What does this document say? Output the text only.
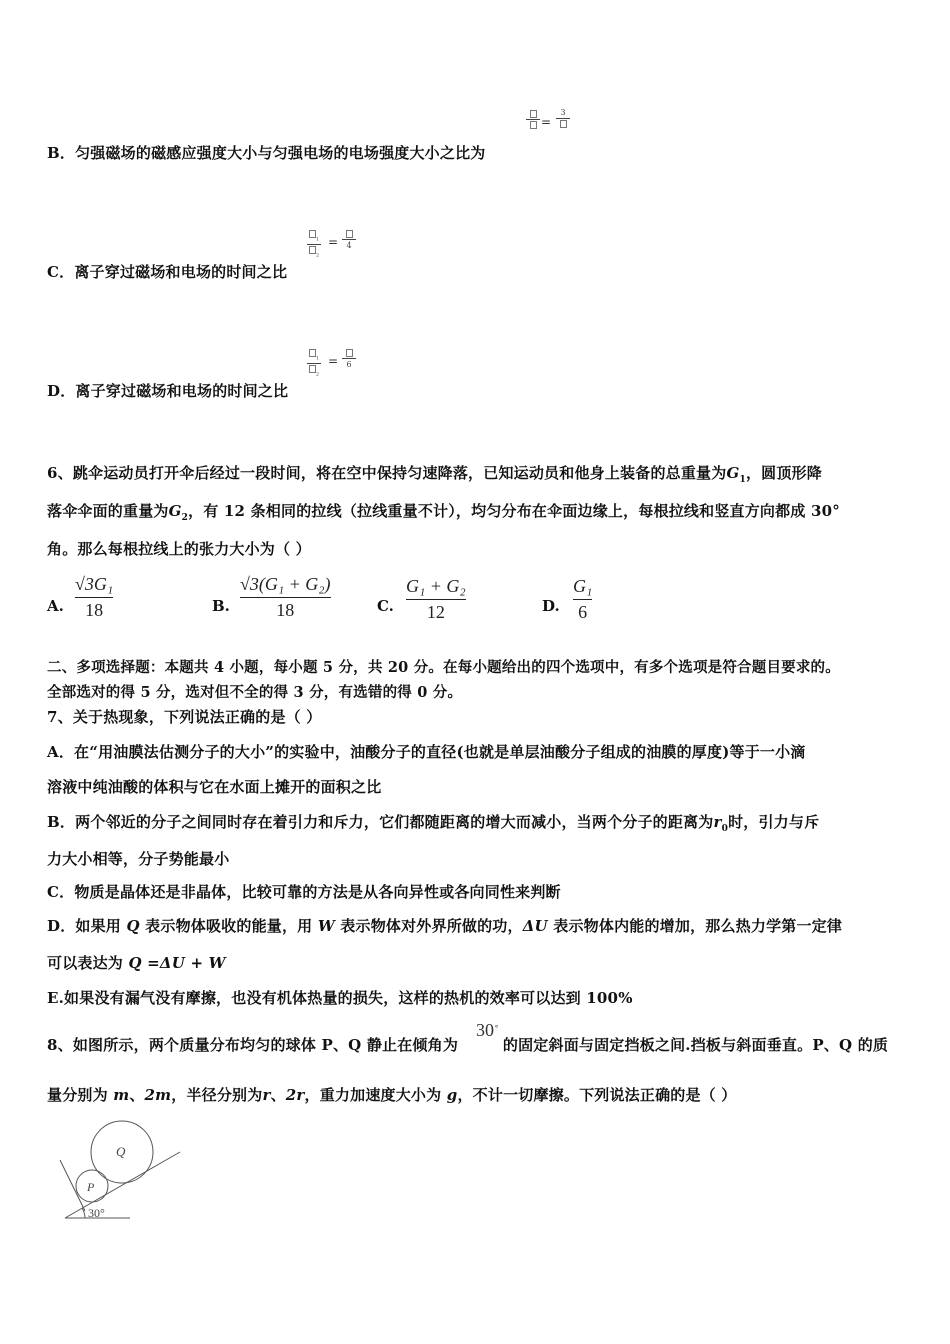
B．匀强磁场的磁感应强度大小与匀强电场的电场强度大小之比为
=
3
C．离子穿过磁场和电场的时间之比
$_1$
$_2$
= 4
D．离子穿过磁场和电场的时间之比
$_1$
$_2$
= 6
6、跳伞运动员打开伞后经过一段时间，将在空中保持匀速降落，已知运动员和他身上装备的总重量为$G_1$，圆顶形降
落伞伞面的重量为$G_2$，有 12 条相同的拉线（拉线重量不计），均匀分布在伞面边缘上，每根拉线和竖直方向都成 30°
角。那么每根拉线上的张力大小为（ ）
A.
√3G₁
18	B.
√3(G₁ + G₂)
18	C.
G₁ + G₂
12	D.
G₁
6
二、多项选择题：本题共 4 小题，每小题 5 分，共 20 分。在每小题给出的四个选项中，有多个选项是符合题目要求的。
全部选对的得 5 分，选对但不全的得 3 分，有选错的得 0 分。
7、关于热现象，下列说法正确的是（ ）
A．在“用油膜法估测分子的大小”的实验中，油酸分子的直径(也就是单层油酸分子组成的油膜的厚度)等于一小滴
溶液中纯油酸的体积与它在水面上摊开的面积之比
B．两个邻近的分子之间同时存在着引力和斥力，它们都随距离的增大而减小，当两个分子的距离为$r_0$时，引力与斥
力大小相等，分子势能最小
C．物质是晶体还是非晶体，比较可靠的方法是从各向异性或各向同性来判断
D．如果用 Q 表示物体吸收的能量，用 W 表示物体对外界所做的功，ΔU 表示物体内能的增加，那么热力学第一定律
可以表达为 Q =ΔU + W
E.如果没有漏气没有摩擦，也没有机体热量的损失，这样的热机的效率可以达到 100%
8、如图所示，两个质量分布均匀的球体 P、Q 静止在倾角为	的固定斜面与固定挡板之间.挡板与斜面垂直。P、Q 的质
30∘
量分别为 m、2m，半径分别为r、2r，重力加速度大小为 g，不计一切摩擦。下列说法正确的是（ ）
Q
P
30°
